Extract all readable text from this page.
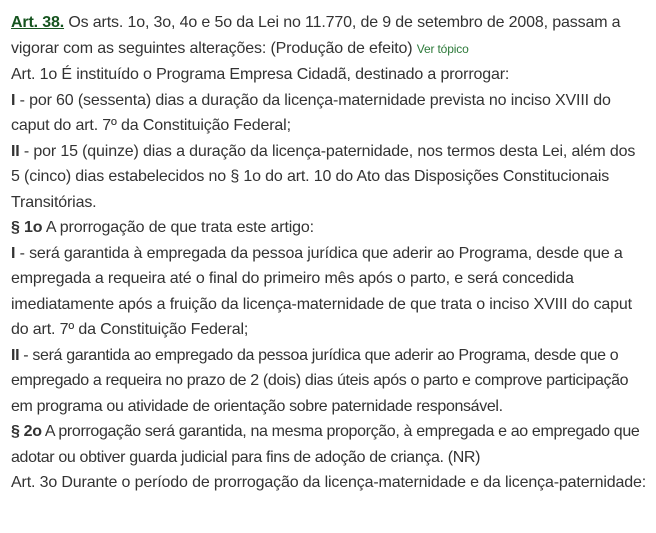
Art. 38. Os arts. 1o, 3o, 4o e 5o da Lei no 11.770, de 9 de setembro de 2008, passam a vigorar com as seguintes alterações: (Produção de efeito) Ver tópico

Art. 1o É instituído o Programa Empresa Cidadã, destinado a prorrogar:

I - por 60 (sessenta) dias a duração da licença-maternidade prevista no inciso XVIII do caput do art. 7º da Constituição Federal;

II - por 15 (quinze) dias a duração da licença-paternidade, nos termos desta Lei, além dos 5 (cinco) dias estabelecidos no § 1o do art. 10 do Ato das Disposições Constitucionais Transitórias.

§ 1o A prorrogação de que trata este artigo:

I - será garantida à empregada da pessoa jurídica que aderir ao Programa, desde que a empregada a requeira até o final do primeiro mês após o parto, e será concedida imediatamente após a fruição da licença-maternidade de que trata o inciso XVIII do caput do art. 7º da Constituição Federal;

II - será garantida ao empregado da pessoa jurídica que aderir ao Programa, desde que o empregado a requeira no prazo de 2 (dois) dias úteis após o parto e comprove participação em programa ou atividade de orientação sobre paternidade responsável.

§ 2o A prorrogação será garantida, na mesma proporção, à empregada e ao empregado que adotar ou obtiver guarda judicial para fins de adoção de criança. (NR)

Art. 3o Durante o período de prorrogação da licença-maternidade e da licença-paternidade:
